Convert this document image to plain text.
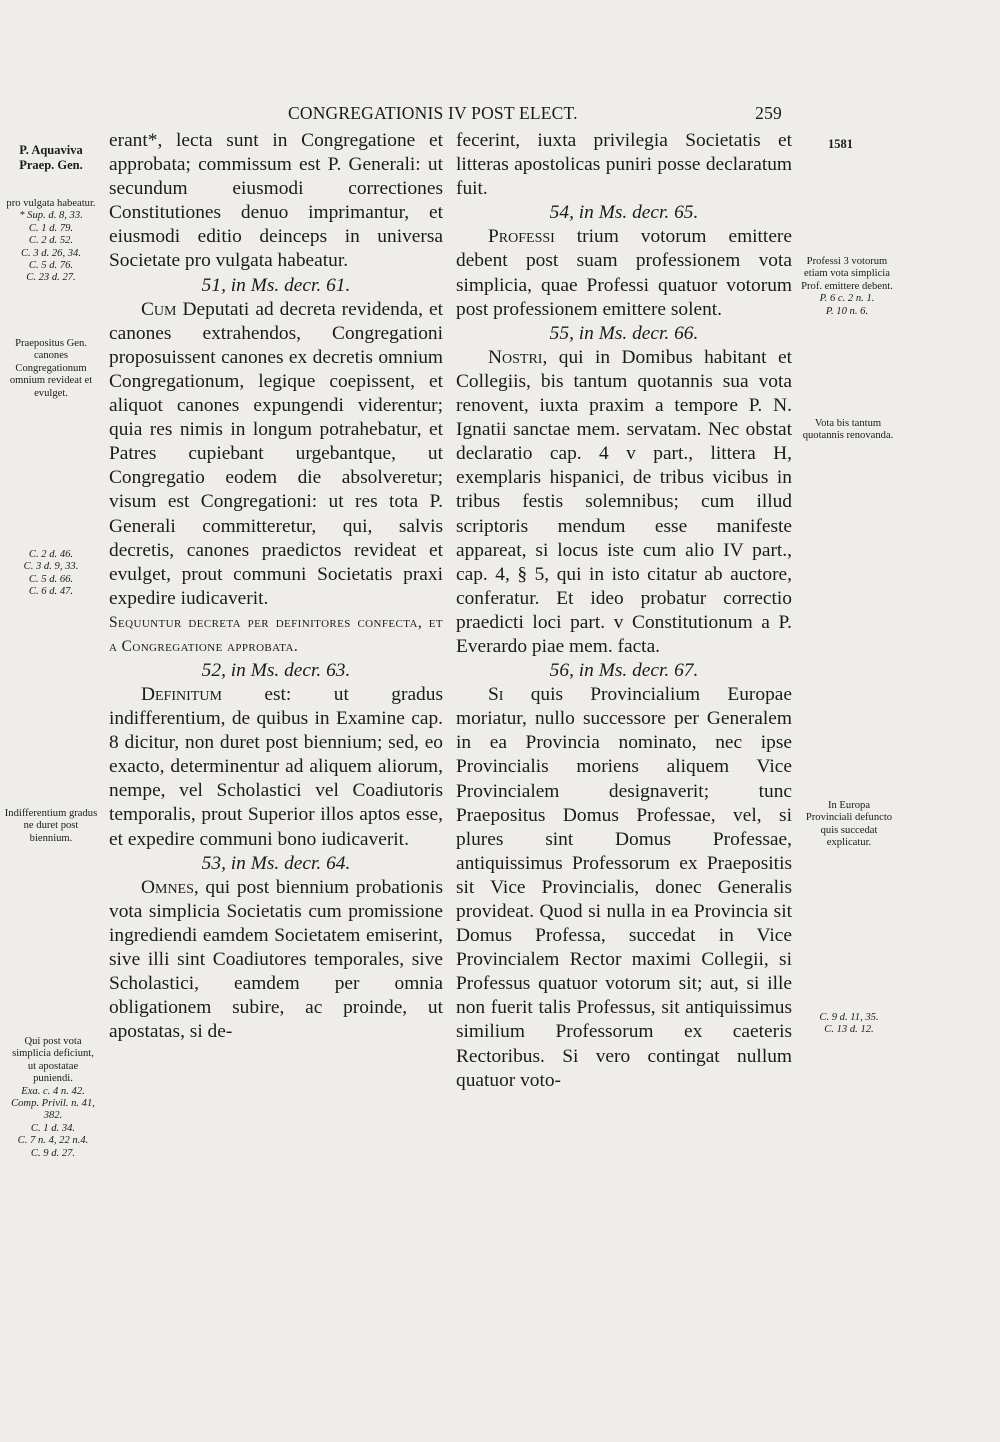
CONGREGATIONIS IV POST ELECT.	259
P. Aquaviva Praep. Gen.
pro vulgata habeatur.
* Sup. d. 8, 33.
C. 1 d. 79.
C. 2 d. 52.
C. 3 d. 26, 34.
C. 5 d. 76.
C. 23 d. 27.
Praepositus Gen. canones Congregationum omnium revideat et evulget.
C. 2 d. 46.
C. 3 d. 9, 33.
C. 5 d. 66.
C. 6 d. 47.
Indifferentium gradus ne duret post biennium.
Qui post vota simplicia deficiunt, ut apostatae puniendi.
Exa. c. 4 n. 42.
Comp. Privil. n. 41, 382.
C. 1 d. 34.
C. 7 n. 4, 22 n.4.
C. 9 d. 27.
1581
Professi 3 votorum etiam vota simplicia Prof. emittere debent.
P. 6 c. 2 n. 1.
P. 10 n. 6.
Vota bis tantum quotannis renovanda.
In Europa Provinciali defuncto quis succedat explicatur.
C. 9 d. 11, 35.
C. 13 d. 12.

erant*, lecta sunt in Congregatione et approbata; commissum est P. Generali: ut secundum eiusmodi correctiones Constitutiones denuo imprimantur, et eiusmodi editio deinceps in universa Societate pro vulgata habeatur.

51, in Ms. decr. 61.

Cum Deputati ad decreta revidenda, et canones extrahendos, Congregationi proposuissent canones ex decretis omnium Congregationum, legique coepissent, et aliquot canones expungendi viderentur; quia res nimis in longum potrahebatur, et Patres cupiebant urgebantque, ut Congregatio eodem die absolveretur; visum est Congregationi: ut res tota P. Generali committeretur, qui, salvis decretis, canones praedictos revideat et evulget, prout communi Societatis praxi expedire iudicaverit.

Sequuntur decreta per definitores confecta, et a Congregatione approbata.

52, in Ms. decr. 63.

Definitum est: ut gradus indifferentium, de quibus in Examine cap. 8 dicitur, non duret post biennium; sed, eo exacto, determinentur ad aliquem aliorum, nempe, vel Scholastici vel Coadiutoris temporalis, prout Superior illos aptos esse, et expedire communi bono iudicaverit.

53, in Ms. decr. 64.

Omnes, qui post biennium probationis vota simplicia Societatis cum promissione ingrediendi eamdem Societatem emiserint, sive illi sint Coadiutores temporales, sive Scholastici, eamdem per omnia obligationem subire, ac proinde, ut apostatas, si de-

fecerint, iuxta privilegia Societatis et litteras apostolicas puniri posse declaratum fuit.

54, in Ms. decr. 65.

Professi trium votorum emittere debent post suam professionem vota simplicia, quae Professi quatuor votorum post professionem emittere solent.

55, in Ms. decr. 66.

Nostri, qui in Domibus habitant et Collegiis, bis tantum quotannis sua vota renovent, iuxta praxim a tempore P. N. Ignatii sanctae mem. servatam. Nec obstat declaratio cap. 4 v part., littera H, exemplaris hispanici, de tribus vicibus in tribus festis solemnibus; cum illud scriptoris mendum esse manifeste appareat, si locus iste cum alio IV part., cap. 4, § 5, qui in isto citatur ab auctore, conferatur. Et ideo probatur correctio praedicti loci part. v Constitutionum a P. Everardo piae mem. facta.

56, in Ms. decr. 67.

Si quis Provincialium Europae moriatur, nullo successore per Generalem in ea Provincia nominato, nec ipse Provincialis moriens aliquem Vice Provincialem designaverit; tunc Praepositus Domus Professae, vel, si plures sint Domus Professae, antiquissimus Professorum ex Praepositis sit Vice Provincialis, donec Generalis provideat. Quod si nulla in ea Provincia sit Domus Professa, succedat in Vice Provincialem Rector maximi Collegii, si Professus quatuor votorum sit; aut, si ille non fuerit talis Professus, sit antiquissimus similium Professorum ex caeteris Rectoribus. Si vero contingat nullum quatuor voto-
